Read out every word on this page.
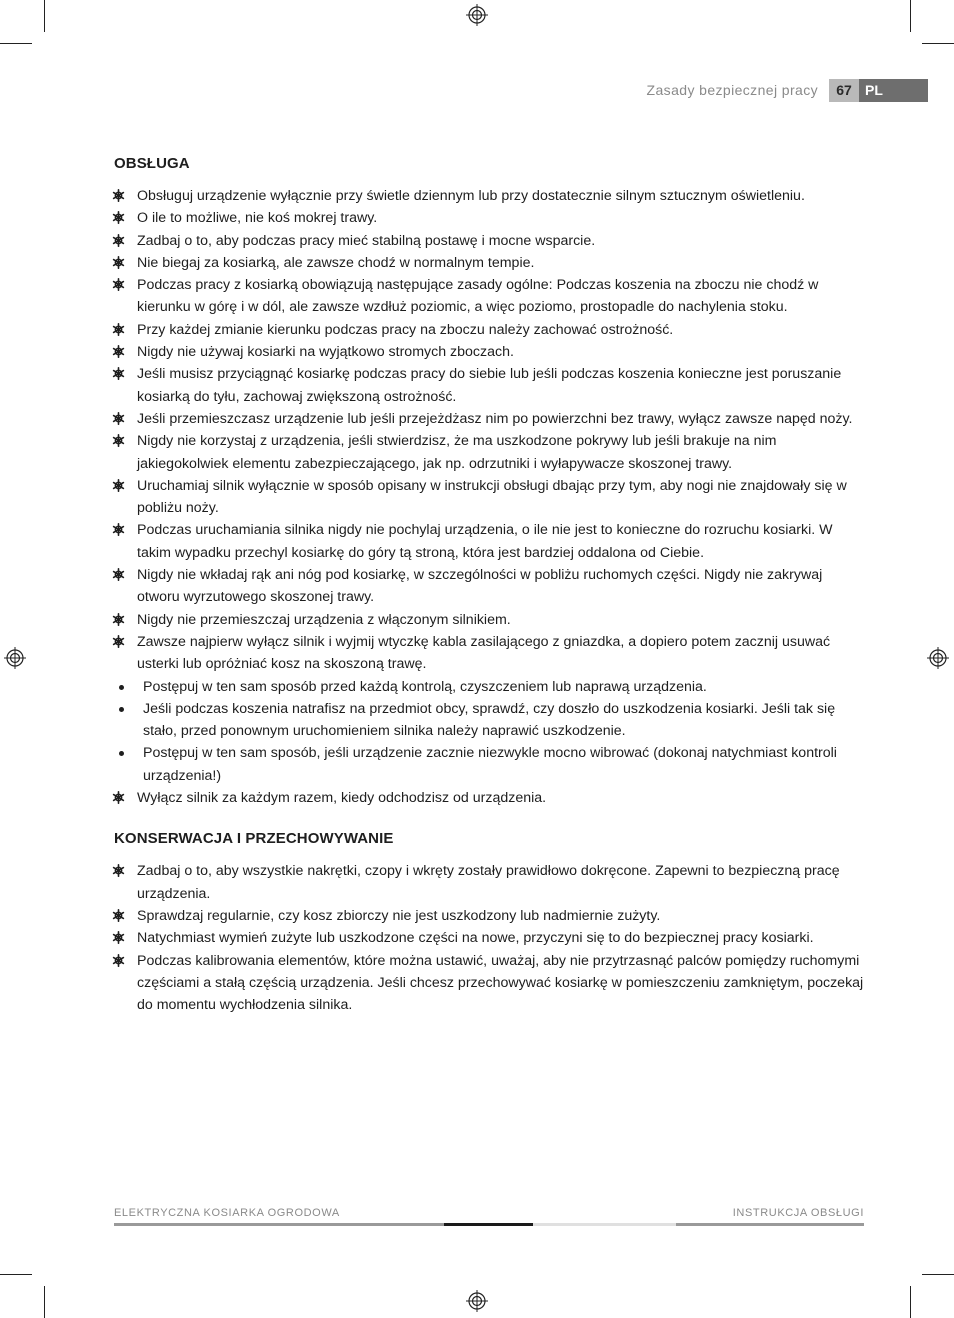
Zasady bezpiecznej pracy	67 PL
OBSŁUGA
Obsługuj urządzenie wyłącznie przy świetle dziennym lub przy dostatecznie silnym sztucznym oświetleniu.
O ile to możliwe, nie koś mokrej trawy.
Zadbaj o to, aby podczas pracy mieć stabilną postawę i mocne wsparcie.
Nie biegaj za kosiarką, ale zawsze chodź w normalnym tempie.
Podczas pracy z kosiarką obowiązują następujące zasady ogólne: Podczas koszenia na zboczu nie chodź w kierunku w górę i w dól, ale zawsze wzdłuż poziomic, a więc poziomo, prostopadle do nachylenia stoku.
Przy każdej zmianie kierunku podczas pracy na zboczu należy zachować ostrożność.
Nigdy nie używaj kosiarki na wyjątkowo stromych zboczach.
Jeśli musisz przyciągnąć kosiarkę podczas pracy do siebie lub jeśli podczas koszenia konieczne jest poruszanie kosiarką do tyłu, zachowaj zwiększoną ostrożność.
Jeśli przemieszczasz urządzenie lub jeśli przejeżdżasz nim po powierzchni bez trawy, wyłącz zawsze napęd noży.
Nigdy nie korzystaj z urządzenia, jeśli stwierdzisz, że ma uszkodzone pokrywy lub jeśli brakuje na nim jakiegokolwiek elementu zabezpieczającego, jak np. odrzutniki i wyłapywacze skoszonej trawy.
Uruchamiaj silnik wyłącznie w sposób opisany w instrukcji obsługi dbając przy tym, aby nogi nie znajdowały się w pobliżu noży.
Podczas uruchamiania silnika nigdy nie pochylaj urządzenia, o ile nie jest to konieczne do rozruchu kosiarki. W takim wypadku przechyl kosiarkę do góry tą stroną, która jest bardziej oddalona od Ciebie.
Nigdy nie wkładaj rąk ani nóg pod kosiarkę, w szczególności w pobliżu ruchomych części. Nigdy nie zakrywaj otworu wyrzutowego skoszonej trawy.
Nigdy nie przemieszczaj urządzenia z włączonym silnikiem.
Zawsze najpierw wyłącz silnik i wyjmij wtyczkę kabla zasilającego z gniazdka, a dopiero potem zacznij usuwać usterki lub opróżniać kosz na skoszoną trawę.
Postępuj w ten sam sposób przed każdą kontrolą, czyszczeniem lub naprawą urządzenia.
Jeśli podczas koszenia natrafisz na przedmiot obcy, sprawdź, czy doszło do uszkodzenia kosiarki. Jeśli tak się stało, przed ponownym uruchomieniem silnika należy naprawić uszkodzenie.
Postępuj w ten sam sposób, jeśli urządzenie zacznie niezwykle mocno wibrować (dokonaj natychmiast kontroli urządzenia!)
Wyłącz silnik za każdym razem, kiedy odchodzisz od urządzenia.
KONSERWACJA I PRZECHOWYWANIE
Zadbaj o to, aby wszystkie nakrętki, czopy i wkręty zostały prawidłowo dokręcone. Zapewni to bezpieczną pracę urządzenia.
Sprawdzaj regularnie, czy kosz zbiorczy nie jest uszkodzony lub nadmiernie zużyty.
Natychmiast wymień zużyte lub uszkodzone części na nowe, przyczyni się to do bezpiecznej pracy kosiarki.
Podczas kalibrowania elementów, które można ustawić, uważaj, aby nie przytrzasnąć palców pomiędzy ruchomymi częściami a stałą częścią urządzenia. Jeśli chcesz przechowywać kosiarkę w pomieszczeniu zamkniętym, poczekaj do momentu wychłodzenia silnika.
ELEKTRYCZNA KOSIARKA OGRODOWA	INSTRUKCJA OBSŁUGI
